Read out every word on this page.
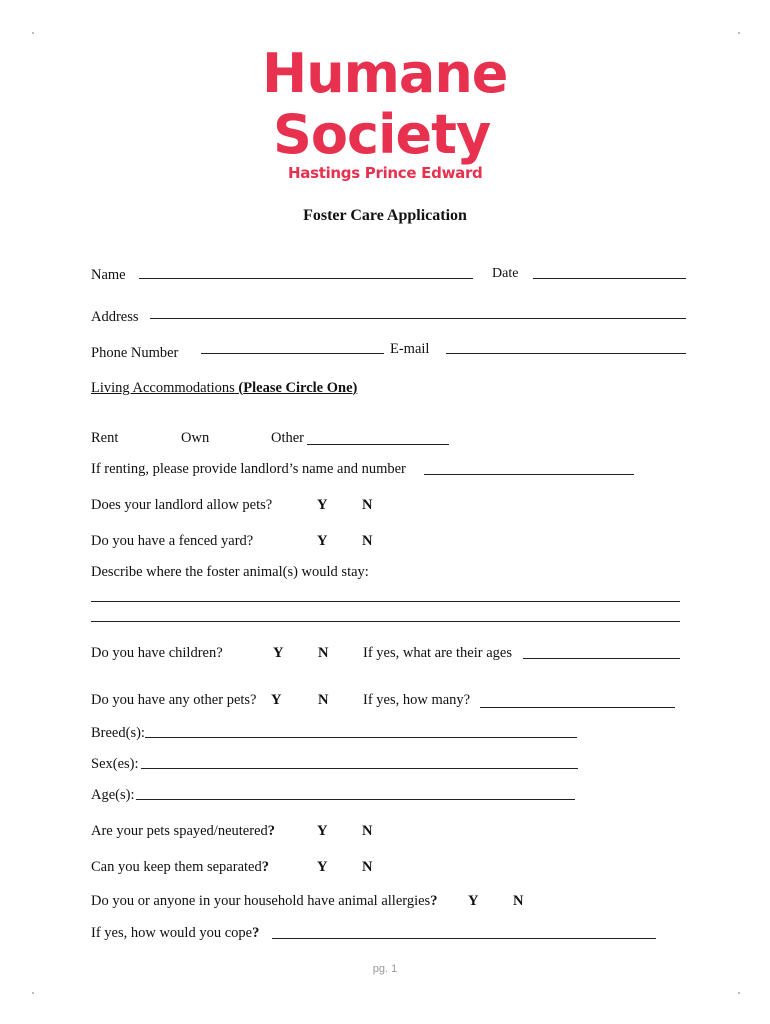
Humane
Society
Hastings Prince Edward
Foster Care Application
Name	Date
Address
Phone Number	E-mail
Living Accommodations (Please Circle One)
Rent	Own	Other
If renting, please provide landlord’s name and number
Does your landlord allow pets?	Y N
Do you have a fenced yard?	Y N
Describe where the foster animal(s) would stay:
Do you have children?	Y N If yes, what are their ages
Do you have any other pets? Y	N If yes, how many?
Breed(s):
Sex(es):
Age(s):
Are your pets spayed/neutered?	Y N
Can you keep them separated?	Y N
Do you or anyone in your household have animal allergies? Y N
If yes, how would you cope?
pg. 1
